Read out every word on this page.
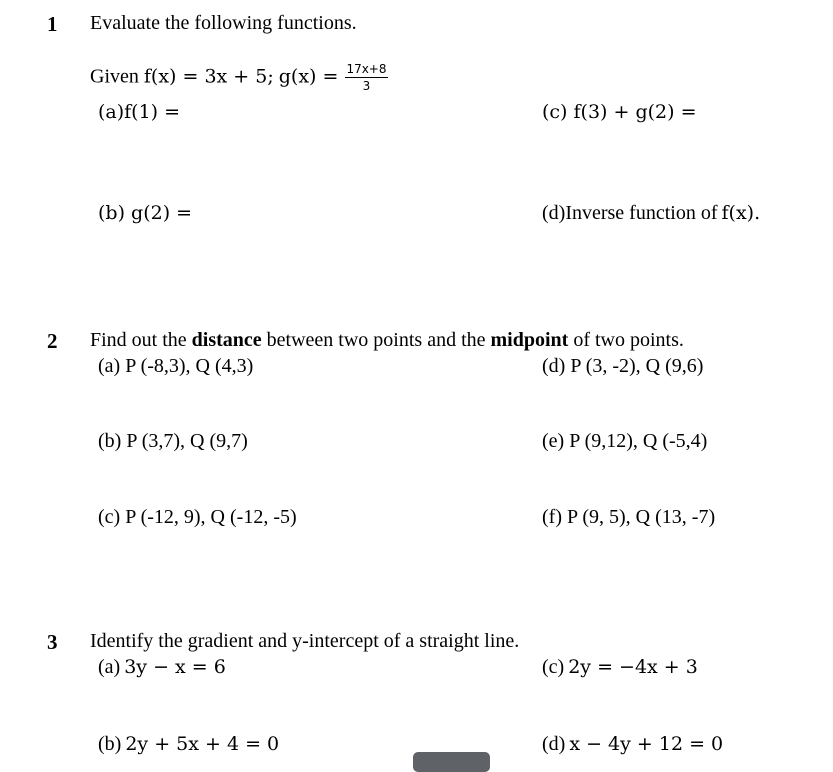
1 Evaluate the following functions.
Given f(x) = 3x + 5; $g(x) = \frac{17x+8}{3}$
(a)f(1) =	(c) f(3) + g(2) =
(b) g(2) =	(d)Inverse function of f(x).
2 Find out the distance between two points and the midpoint of two points.
(a) P (-8,3), Q (4,3)	(d) P (3, -2), Q (9,6)
(b) P (3,7), Q (9,7)	(e) P (9,12), Q (-5,4)
(c) P (-12, 9), Q (-12, -5)	(f) P (9, 5), Q (13, -7)
3 Identify the gradient and y-intercept of a straight line.
(a) 3y − x = 6	(c) 2y = −4x + 3
(b) 2y + 5x + 4 = 0	(d) x − 4y + 12 = 0
